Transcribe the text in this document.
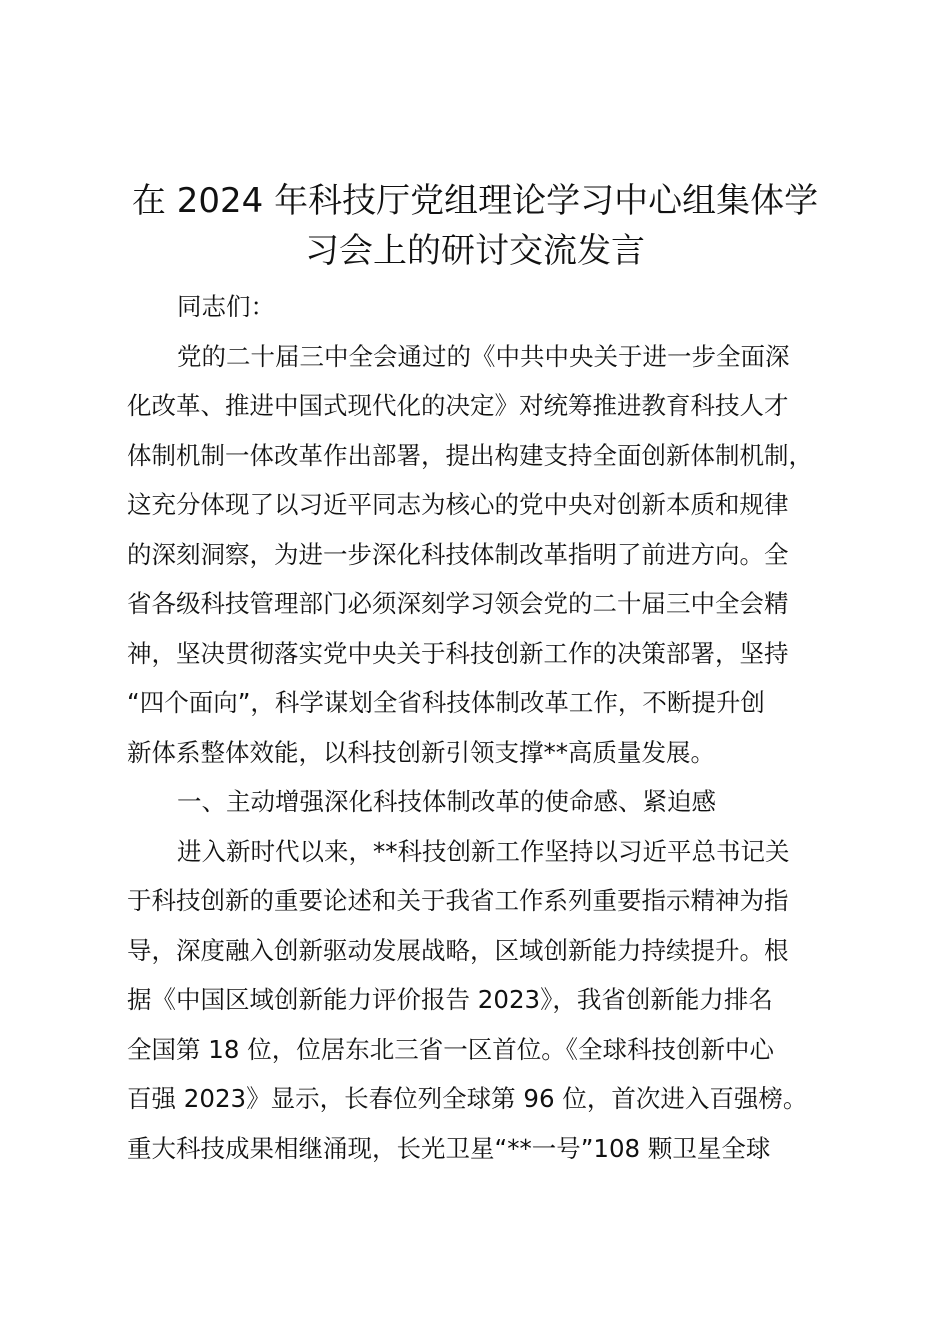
在 2024 年科技厅党组理论学习中心组集体学
习会上的研讨交流发言

同志们：

党的二十届三中全会通过的《中共中央关于进一步全面深
化改革、推进中国式现代化的决定》对统筹推进教育科技人才
体制机制一体改革作出部署，提出构建支持全面创新体制机制，
这充分体现了以习近平同志为核心的党中央对创新本质和规律
的深刻洞察，为进一步深化科技体制改革指明了前进方向。全
省各级科技管理部门必须深刻学习领会党的二十届三中全会精
神，坚决贯彻落实党中央关于科技创新工作的决策部署，坚持
“四个面向”，科学谋划全省科技体制改革工作，不断提升创
新体系整体效能，以科技创新引领支撑**高质量发展。

一、主动增强深化科技体制改革的使命感、紧迫感

进入新时代以来，**科技创新工作坚持以习近平总书记关
于科技创新的重要论述和关于我省工作系列重要指示精神为指
导，深度融入创新驱动发展战略，区域创新能力持续提升。根
据《中国区域创新能力评价报告 2023》，我省创新能力排名
全国第 18 位，位居东北三省一区首位。《全球科技创新中心
百强 2023》显示，长春位列全球第 96 位，首次进入百强榜。
重大科技成果相继涌现，长光卫星“**一号”108 颗卫星全球
